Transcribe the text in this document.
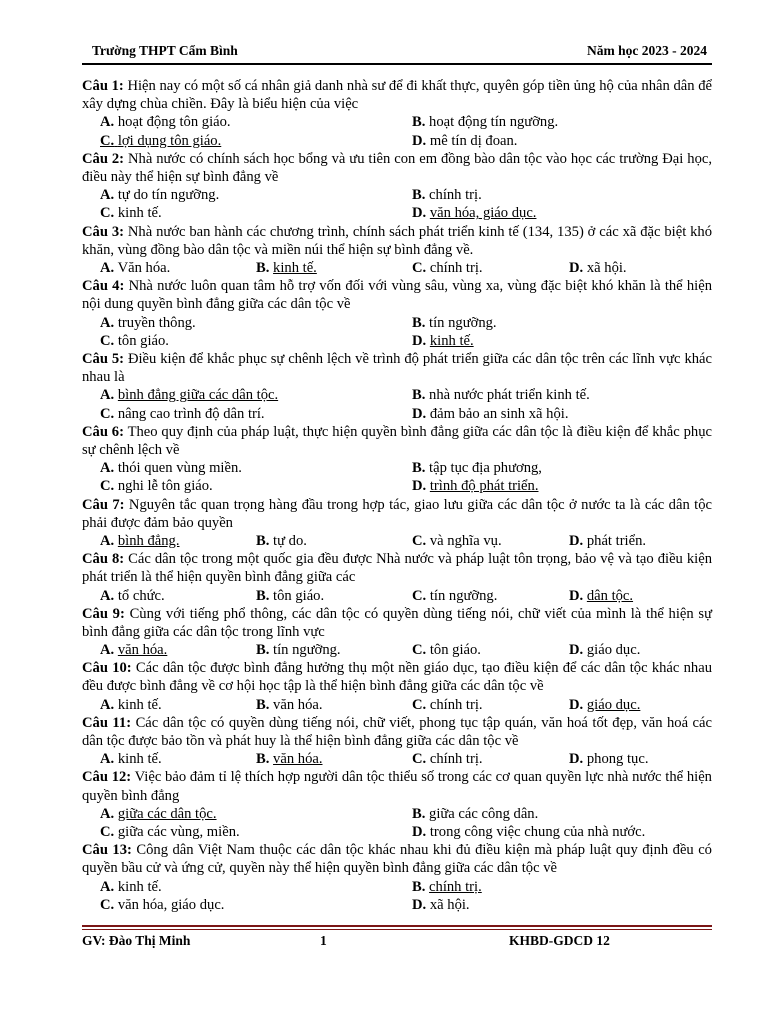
Trường THPT Cẩm Bình	Năm học 2023 - 2024

Câu 1: Hiện nay có một số cá nhân giả danh nhà sư để đi khất thực, quyên góp tiền ủng hộ của nhân dân để xây dựng chùa chiền. Đây là biểu hiện của việc

A. hoạt động tôn giáo.	B. hoạt động tín ngưỡng.
C. lợi dụng tôn giáo.	D. mê tín dị đoan.

Câu 2: Nhà nước có chính sách học bổng và ưu tiên con em đồng bào dân tộc vào học các trường Đại học, điều này thể hiện sự bình đẳng về

A. tự do tín ngưỡng.	B. chính trị.
C. kinh tế.	D. văn hóa, giáo dục.

Câu 3: Nhà nước ban hành các chương trình, chính sách phát triển kinh tế (134, 135) ở các xã đặc biệt khó khăn, vùng đồng bào dân tộc và miền núi thể hiện sự bình đẳng về.

A. Văn hóa.	B. kinh tế.	C. chính trị.	D. xã hội.

Câu 4: Nhà nước luôn quan tâm hỗ trợ vốn đối với vùng sâu, vùng xa, vùng đặc biệt khó khăn là thể hiện nội dung quyền bình đẳng giữa các dân tộc về

A. truyền thông.	B. tín ngưỡng.
C. tôn giáo.	D. kinh tế.

Câu 5: Điều kiện để khắc phục sự chênh lệch về trình độ phát triển giữa các dân tộc trên các lĩnh vực khác nhau là

A. bình đẳng giữa các dân tộc.	B. nhà nước phát triển kinh tế.
C. nâng cao trình độ dân trí.	D. đảm bảo an sinh xã hội.

Câu 6: Theo quy định của pháp luật, thực hiện quyền bình đẳng giữa các dân tộc là điều kiện để khắc phục sự chênh lệch về

A. thói quen vùng miền.	B. tập tục địa phương,
C. nghi lễ tôn giáo.	D. trình độ phát triển.

Câu 7: Nguyên tắc quan trọng hàng đầu trong hợp tác, giao lưu giữa các dân tộc ở nước ta là các dân tộc phải được đảm bảo quyền

A. bình đẳng.	B. tự do.	C. và nghĩa vụ.	D. phát triển.

Câu 8: Các dân tộc trong một quốc gia đều được Nhà nước và pháp luật tôn trọng, bảo vệ và tạo điều kiện phát triển là thể hiện quyền bình đẳng giữa các

A. tổ chức.	B. tôn giáo.	C. tín ngưỡng.	D. dân tộc.

Câu 9: Cùng với tiếng phổ thông, các dân tộc có quyền dùng tiếng nói, chữ viết của mình là thể hiện sự bình đẳng giữa các dân tộc trong lĩnh vực

A. văn hóa.	B. tín ngưỡng.	C. tôn giáo.	D. giáo dục.

Câu 10: Các dân tộc được bình đẳng hưởng thụ một nền giáo dục, tạo điều kiện để các dân tộc khác nhau đều được bình đẳng về cơ hội học tập là thể hiện bình đẳng giữa các dân tộc về

A. kinh tế.	B. văn hóa.	C. chính trị.	D. giáo dục.

Câu 11: Các dân tộc có quyền dùng tiếng nói, chữ viết, phong tục tập quán, văn hoá tốt đẹp, văn hoá các dân tộc được bảo tồn và phát huy là thể hiện bình đẳng giữa các dân tộc về

A. kinh tế.	B. văn hóa.	C. chính trị.	D. phong tục.

Câu 12: Việc bảo đảm tỉ lệ thích hợp người dân tộc thiểu số trong các cơ quan quyền lực nhà nước thể hiện quyền bình đẳng

A. giữa các dân tộc.	B. giữa các công dân.
C. giữa các vùng, miền.	D. trong công việc chung của nhà nước.

Câu 13: Công dân Việt Nam thuộc các dân tộc khác nhau khi đủ điều kiện mà pháp luật quy định đều có quyền bầu cử và ứng cử, quyền này thể hiện quyền bình đẳng giữa các dân tộc về

A. kinh tế.	B. chính trị.
C. văn hóa, giáo dục.	D. xã hội.
GV: Đào Thị Minh	1	KHBD-GDCD 12
